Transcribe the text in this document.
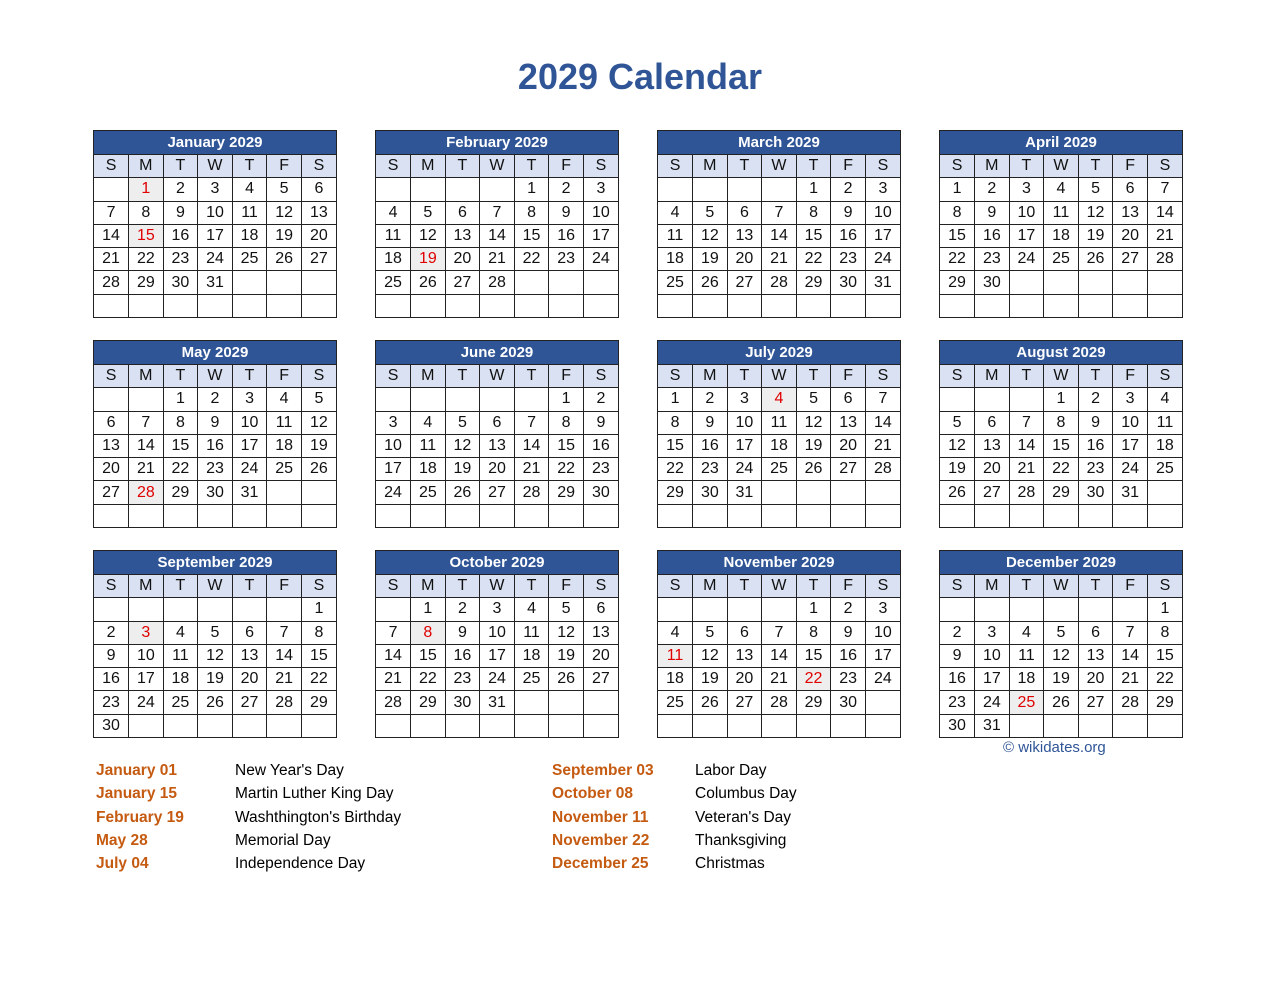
2029 Calendar
January 2029
S	M	T	W	T	F	S
	1	2	3	4	5	6
7	8	9	10	11	12	13
14	15	16	17	18	19	20
21	22	23	24	25	26	27
28	29	30	31			

February 2029
S	M	T	W	T	F	S
				1	2	3
4	5	6	7	8	9	10
11	12	13	14	15	16	17
18	19	20	21	22	23	24
25	26	27	28			

March 2029
S	M	T	W	T	F	S
				1	2	3
4	5	6	7	8	9	10
11	12	13	14	15	16	17
18	19	20	21	22	23	24
25	26	27	28	29	30	31

April 2029
S	M	T	W	T	F	S
1	2	3	4	5	6	7
8	9	10	11	12	13	14
15	16	17	18	19	20	21
22	23	24	25	26	27	28
29	30					

May 2029
S	M	T	W	T	F	S
		1	2	3	4	5
6	7	8	9	10	11	12
13	14	15	16	17	18	19
20	21	22	23	24	25	26
27	28	29	30	31		

June 2029
S	M	T	W	T	F	S
					1	2
3	4	5	6	7	8	9
10	11	12	13	14	15	16
17	18	19	20	21	22	23
24	25	26	27	28	29	30

July 2029
S	M	T	W	T	F	S
1	2	3	4	5	6	7
8	9	10	11	12	13	14
15	16	17	18	19	20	21
22	23	24	25	26	27	28
29	30	31				

August 2029
S	M	T	W	T	F	S
			1	2	3	4
5	6	7	8	9	10	11
12	13	14	15	16	17	18
19	20	21	22	23	24	25
26	27	28	29	30	31	

September 2029
S	M	T	W	T	F	S
						1
2	3	4	5	6	7	8
9	10	11	12	13	14	15
16	17	18	19	20	21	22
23	24	25	26	27	28	29
30						
October 2029
S	M	T	W	T	F	S
	1	2	3	4	5	6
7	8	9	10	11	12	13
14	15	16	17	18	19	20
21	22	23	24	25	26	27
28	29	30	31			

November 2029
S	M	T	W	T	F	S
				1	2	3
4	5	6	7	8	9	10
11	12	13	14	15	16	17
18	19	20	21	22	23	24
25	26	27	28	29	30	

December 2029
S	M	T	W	T	F	S
						1
2	3	4	5	6	7	8
9	10	11	12	13	14	15
16	17	18	19	20	21	22
23	24	25	26	27	28	29
30	31					
© wikidates.org
January 01	New Year's Day
January 15	Martin Luther King Day
February 19	Washthington's Birthday
May 28	Memorial Day
July 04	Independence Day
September 03	Labor Day
October 08	Columbus Day
November 11	Veteran's Day
November 22	Thanksgiving
December 25	Christmas
